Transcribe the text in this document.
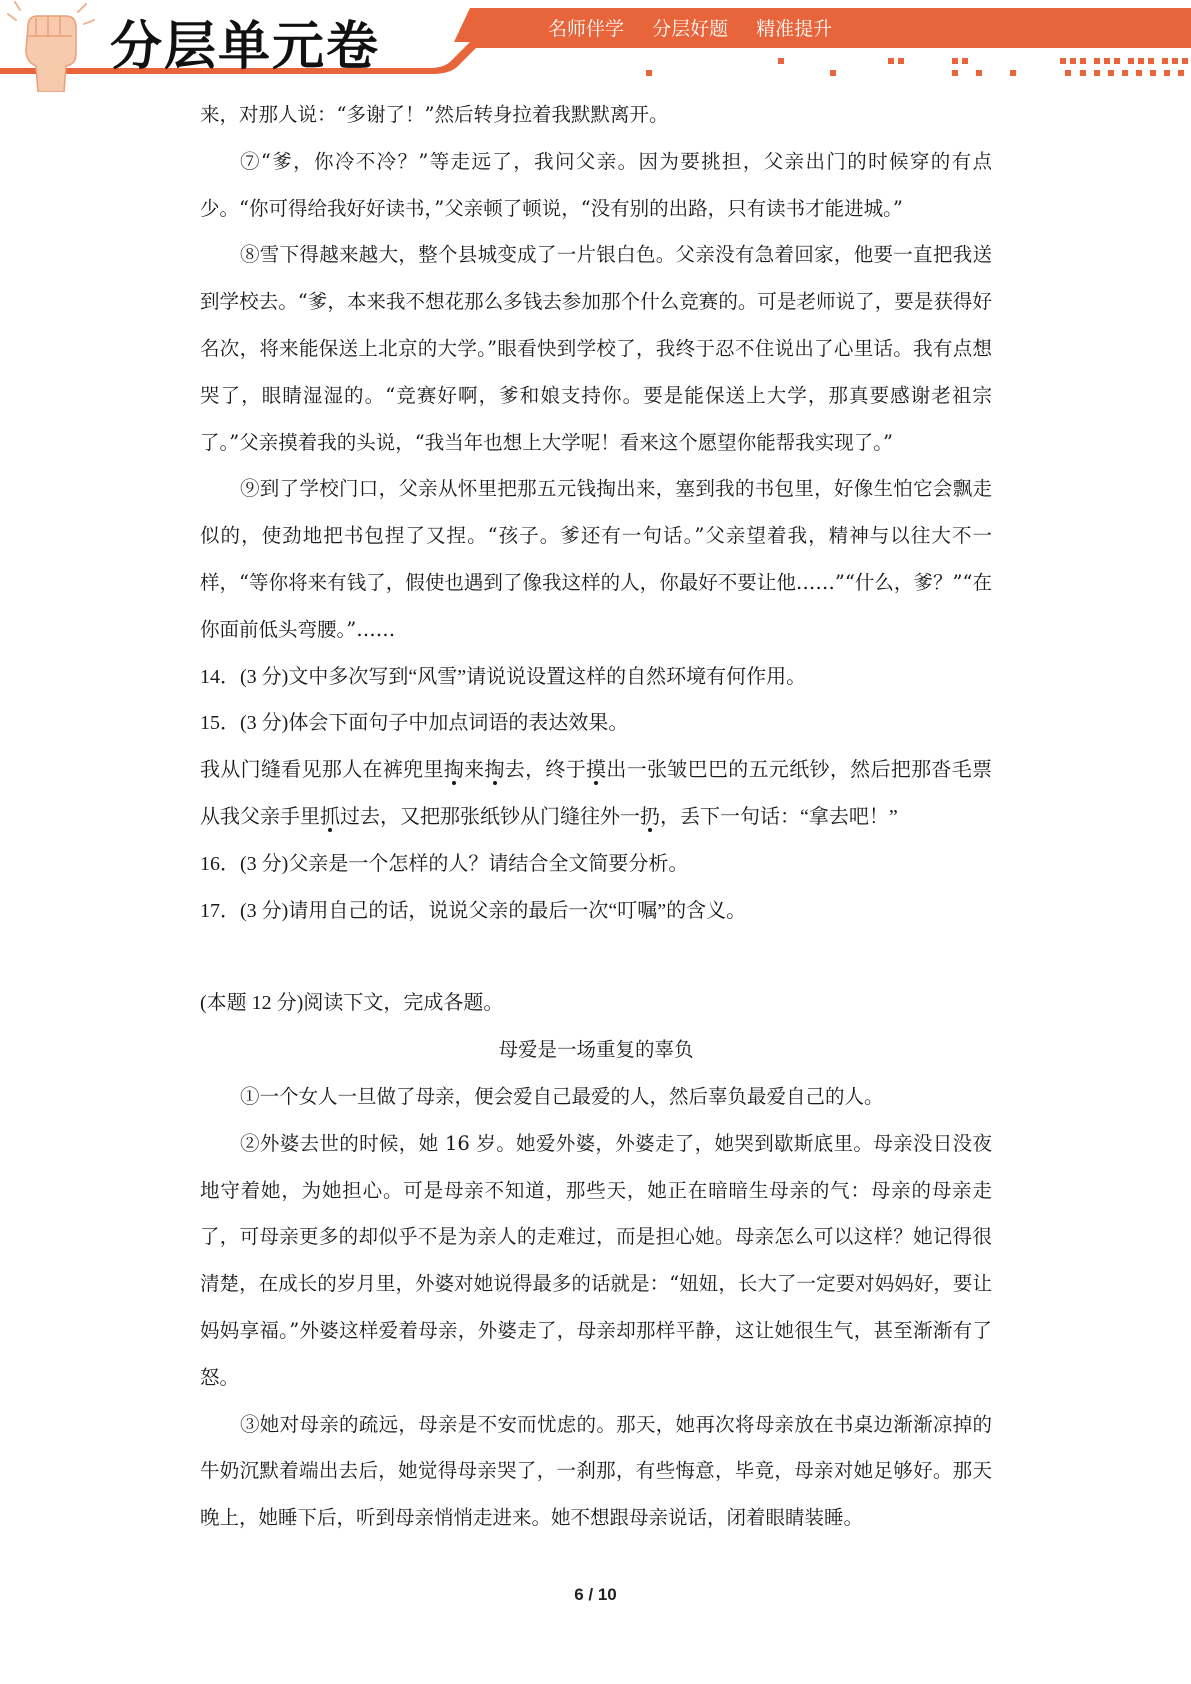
分层单元卷	名师伴学 分层好题 精准提升

来，对那人说：“多谢了！”然后转身拉着我默默离开。

⑦“爹，你冷不冷？”等走远了，我问父亲。因为要挑担，父亲出门的时候穿的有点少。“你可得给我好好读书，”父亲顿了顿说，“没有别的出路，只有读书才能进城。”

⑧雪下得越来越大，整个县城变成了一片银白色。父亲没有急着回家，他要一直把我送到学校去。“爹，本来我不想花那么多钱去参加那个什么竞赛的。可是老师说了，要是获得好名次，将来能保送上北京的大学。”眼看快到学校了，我终于忍不住说出了心里话。我有点想哭了，眼睛湿湿的。“竞赛好啊，爹和娘支持你。要是能保送上大学，那真要感谢老祖宗了。”父亲摸着我的头说，“我当年也想上大学呢！看来这个愿望你能帮我实现了。”

⑨到了学校门口，父亲从怀里把那五元钱掏出来，塞到我的书包里，好像生怕它会飘走似的，使劲地把书包捏了又捏。“孩子。爹还有一句话。”父亲望着我，精神与以往大不一样，“等你将来有钱了，假使也遇到了像我这样的人，你最好不要让他……”“什么，爹？”“在你面前低头弯腰。”……

14．(3 分)文中多次写到“风雪”请说说设置这样的自然环境有何作用。

15．(3 分)体会下面句子中加点词语的表达效果。

我从门缝看见那人在裤兜里掏来掏去，终于摸出一张皱巴巴的五元纸钞，然后把那沓毛票从我父亲手里抓过去，又把那张纸钞从门缝往外一扔，丢下一句话：“拿去吧！”

16．(3 分)父亲是一个怎样的人？请结合全文简要分析。

17．(3 分)请用自己的话，说说父亲的最后一次“叮嘱”的含义。

(本题 12 分)阅读下文，完成各题。

母爱是一场重复的辜负

①一个女人一旦做了母亲，便会爱自己最爱的人，然后辜负最爱自己的人。

②外婆去世的时候，她 16 岁。她爱外婆，外婆走了，她哭到歇斯底里。母亲没日没夜地守着她，为她担心。可是母亲不知道，那些天，她正在暗暗生母亲的气：母亲的母亲走了，可母亲更多的却似乎不是为亲人的走难过，而是担心她。母亲怎么可以这样？她记得很清楚，在成长的岁月里，外婆对她说得最多的话就是：“妞妞，长大了一定要对妈妈好，要让妈妈享福。”外婆这样爱着母亲，外婆走了，母亲却那样平静，这让她很生气，甚至渐渐有了怒。

③她对母亲的疏远，母亲是不安而忧虑的。那天，她再次将母亲放在书桌边渐渐凉掉的牛奶沉默着端出去后，她觉得母亲哭了，一刹那，有些悔意，毕竟，母亲对她足够好。那天晚上，她睡下后，听到母亲悄悄走进来。她不想跟母亲说话，闭着眼睛装睡。

6 / 10
